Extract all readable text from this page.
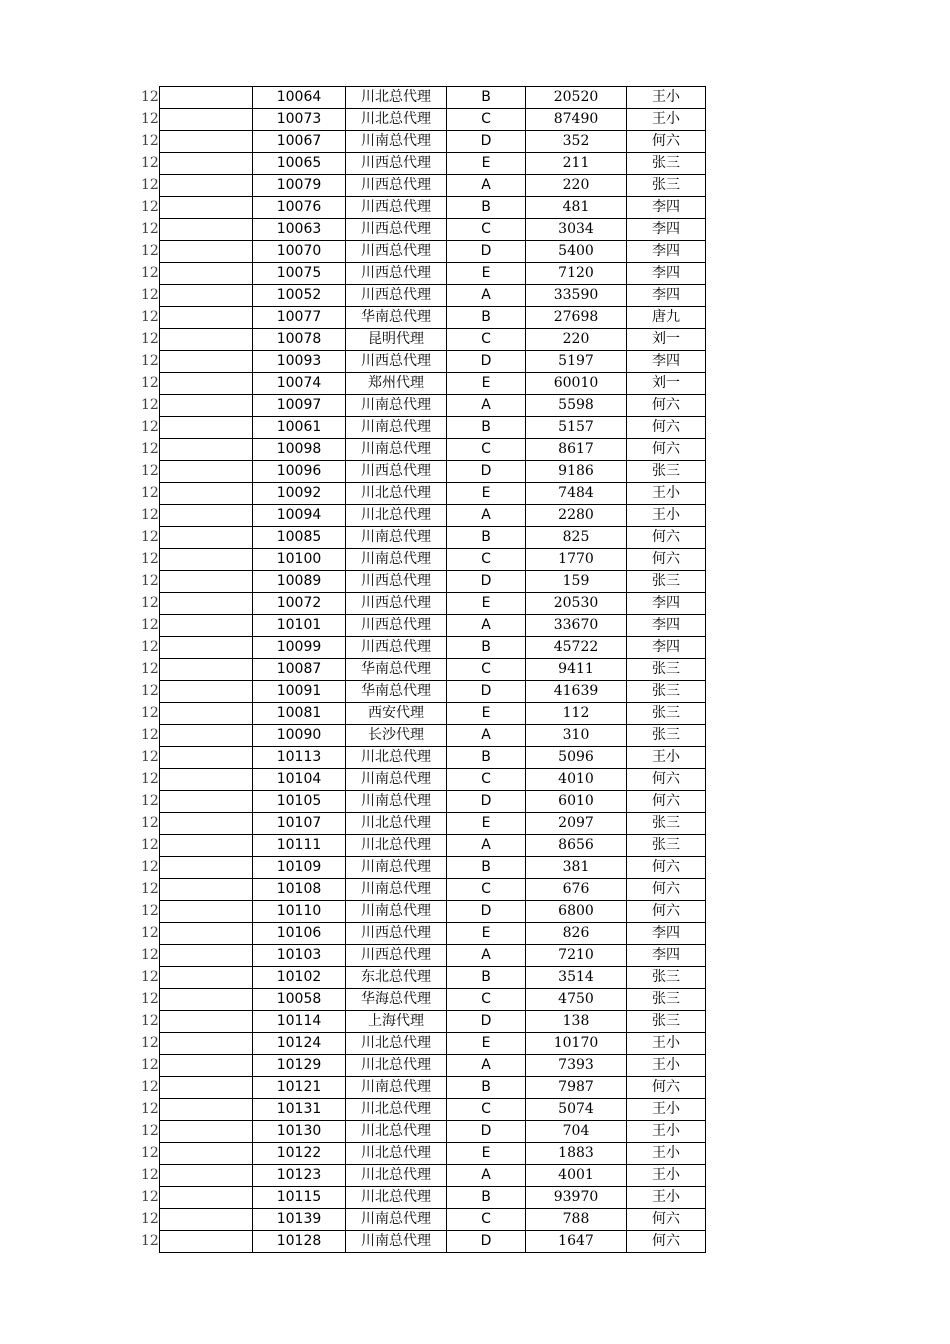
12		10064	川北总代理	B	20520	王小
12		10073	川北总代理	C	87490	王小
12		10067	川南总代理	D	352	何六
12		10065	川西总代理	E	211	张三
12		10079	川西总代理	A	220	张三
12		10076	川西总代理	B	481	李四
12		10063	川西总代理	C	3034	李四
12		10070	川西总代理	D	5400	李四
12		10075	川西总代理	E	7120	李四
12		10052	川西总代理	A	33590	李四
12		10077	华南总代理	B	27698	唐九
12		10078	昆明代理	C	220	刘一
12		10093	川西总代理	D	5197	李四
12		10074	郑州代理	E	60010	刘一
12		10097	川南总代理	A	5598	何六
12		10061	川南总代理	B	5157	何六
12		10098	川南总代理	C	8617	何六
12		10096	川西总代理	D	9186	张三
12		10092	川北总代理	E	7484	王小
12		10094	川北总代理	A	2280	王小
12		10085	川南总代理	B	825	何六
12		10100	川南总代理	C	1770	何六
12		10089	川西总代理	D	159	张三
12		10072	川西总代理	E	20530	李四
12		10101	川西总代理	A	33670	李四
12		10099	川西总代理	B	45722	李四
12		10087	华南总代理	C	9411	张三
12		10091	华南总代理	D	41639	张三
12		10081	西安代理	E	112	张三
12		10090	长沙代理	A	310	张三
12		10113	川北总代理	B	5096	王小
12		10104	川南总代理	C	4010	何六
12		10105	川南总代理	D	6010	何六
12		10107	川北总代理	E	2097	张三
12		10111	川北总代理	A	8656	张三
12		10109	川南总代理	B	381	何六
12		10108	川南总代理	C	676	何六
12		10110	川南总代理	D	6800	何六
12		10106	川西总代理	E	826	李四
12		10103	川西总代理	A	7210	李四
12		10102	东北总代理	B	3514	张三
12		10058	华海总代理	C	4750	张三
12		10114	上海代理	D	138	张三
12		10124	川北总代理	E	10170	王小
12		10129	川北总代理	A	7393	王小
12		10121	川南总代理	B	7987	何六
12		10131	川北总代理	C	5074	王小
12		10130	川北总代理	D	704	王小
12		10122	川北总代理	E	1883	王小
12		10123	川北总代理	A	4001	王小
12		10115	川北总代理	B	93970	王小
12		10139	川南总代理	C	788	何六
12		10128	川南总代理	D	1647	何六
